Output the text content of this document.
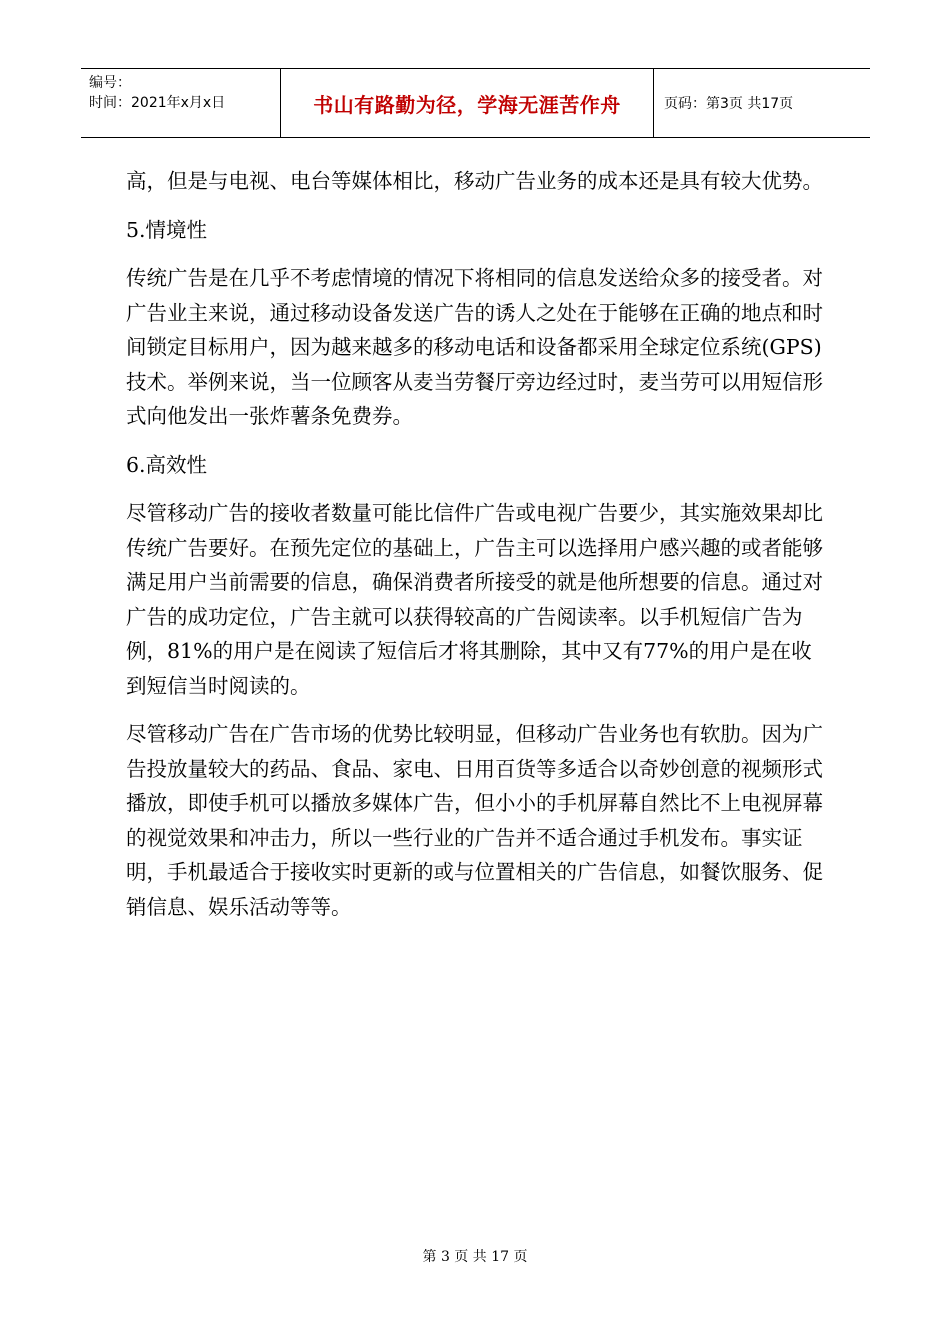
编号：
时间：2021年x月x日	书山有路勤为径，学海无涯苦作舟	页码：第3页 共17页

高，但是与电视、电台等媒体相比，移动广告业务的成本还是具有较大优势。

5.情境性

传统广告是在几乎不考虑情境的情况下将相同的信息发送给众多的接受者。对广告业主来说，通过移动设备发送广告的诱人之处在于能够在正确的地点和时间锁定目标用户，因为越来越多的移动电话和设备都采用全球定位系统(GPS)技术。举例来说，当一位顾客从麦当劳餐厅旁边经过时，麦当劳可以用短信形式向他发出一张炸薯条免费券。

6.高效性

尽管移动广告的接收者数量可能比信件广告或电视广告要少，其实施效果却比传统广告要好。在预先定位的基础上，广告主可以选择用户感兴趣的或者能够满足用户当前需要的信息，确保消费者所接受的就是他所想要的信息。通过对广告的成功定位，广告主就可以获得较高的广告阅读率。以手机短信广告为例，81%的用户是在阅读了短信后才将其删除，其中又有77%的用户是在收到短信当时阅读的。

尽管移动广告在广告市场的优势比较明显，但移动广告业务也有软肋。因为广告投放量较大的药品、食品、家电、日用百货等多适合以奇妙创意的视频形式播放，即使手机可以播放多媒体广告，但小小的手机屏幕自然比不上电视屏幕的视觉效果和冲击力，所以一些行业的广告并不适合通过手机发布。事实证明，手机最适合于接收实时更新的或与位置相关的广告信息，如餐饮服务、促销信息、娱乐活动等等。

第 3 页 共 17 页
